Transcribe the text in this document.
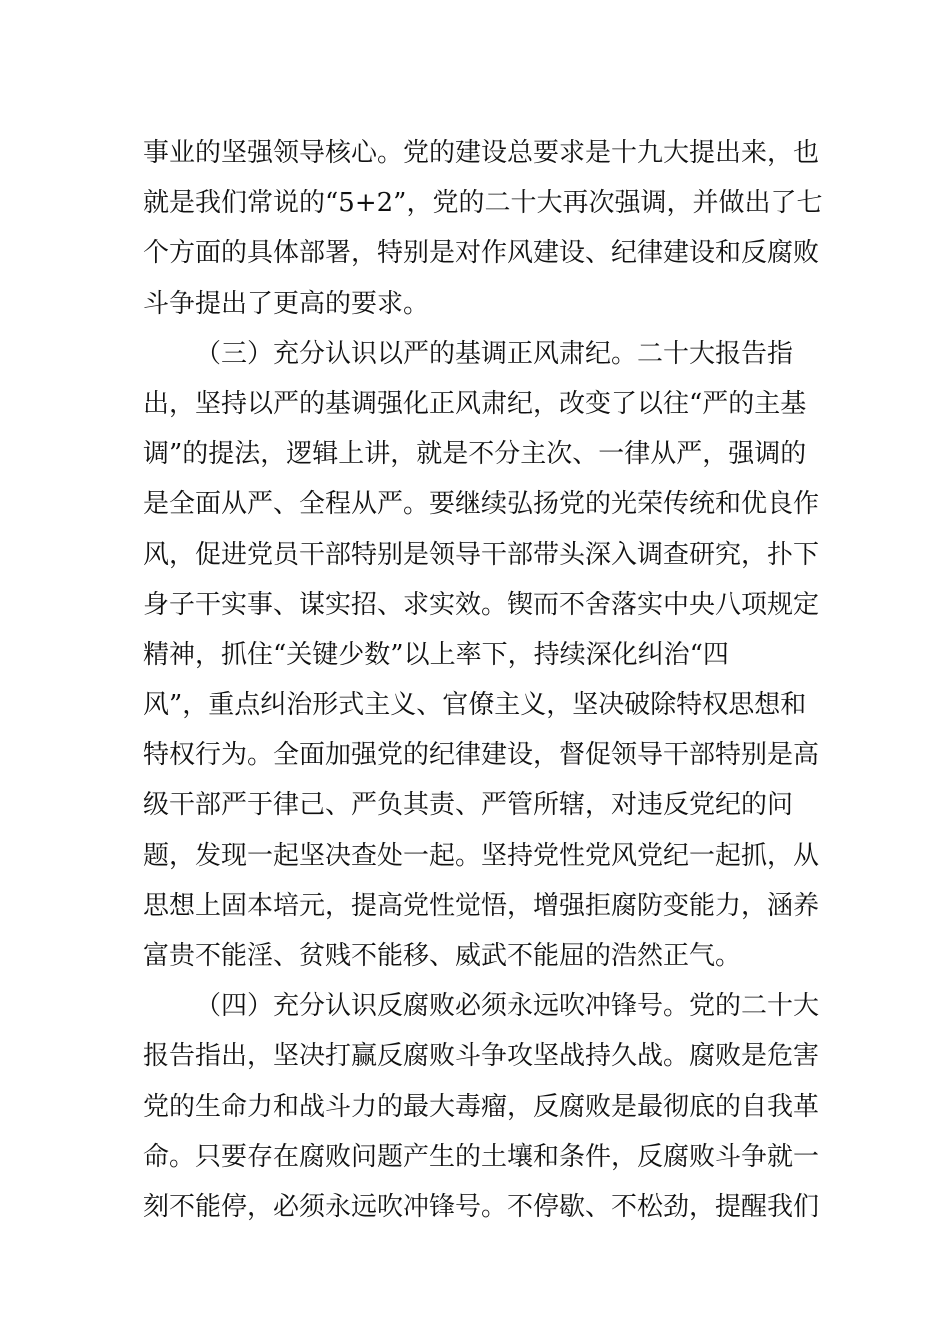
事业的坚强领导核心。党的建设总要求是十九大提出来，也
就是我们常说的“5+2”，党的二十大再次强调，并做出了七
个方面的具体部署，特别是对作风建设、纪律建设和反腐败
斗争提出了更高的要求。
（三）充分认识以严的基调正风肃纪。二十大报告指
出，坚持以严的基调强化正风肃纪，改变了以往“严的主基
调”的提法，逻辑上讲，就是不分主次、一律从严，强调的
是全面从严、全程从严。要继续弘扬党的光荣传统和优良作
风，促进党员干部特别是领导干部带头深入调查研究，扑下
身子干实事、谋实招、求实效。锲而不舍落实中央八项规定
精神，抓住“关键少数”以上率下，持续深化纠治“四
风”，重点纠治形式主义、官僚主义，坚决破除特权思想和
特权行为。全面加强党的纪律建设，督促领导干部特别是高
级干部严于律己、严负其责、严管所辖，对违反党纪的问
题，发现一起坚决查处一起。坚持党性党风党纪一起抓，从
思想上固本培元，提高党性觉悟，增强拒腐防变能力，涵养
富贵不能淫、贫贱不能移、威武不能屈的浩然正气。
（四）充分认识反腐败必须永远吹冲锋号。党的二十大
报告指出，坚决打赢反腐败斗争攻坚战持久战。腐败是危害
党的生命力和战斗力的最大毒瘤，反腐败是最彻底的自我革
命。只要存在腐败问题产生的土壤和条件，反腐败斗争就一
刻不能停，必须永远吹冲锋号。不停歇、不松劲，提醒我们
